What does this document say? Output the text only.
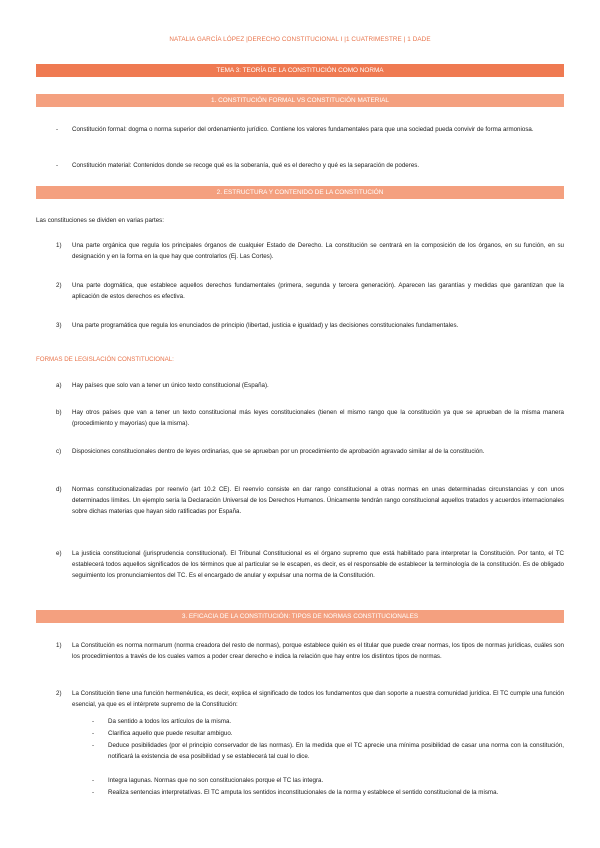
NATALIA GARCÍA LÓPEZ |DERECHO CONSTITUCIONAL I |1 CUATRIMESTRE | 1 DADE
TEMA 3: TEORÍA DE LA CONSTITUCIÓN COMO NORMA
1. CONSTITUCIÓN FORMAL VS CONSTITUCIÓN MATERIAL
- Constitución formal: dogma o norma superior del ordenamiento jurídico. Contiene los valores fundamentales para que una sociedad pueda convivir de forma armoniosa.
- Constitución material: Contenidos donde se recoge qué es la soberanía, qué es el derecho y qué es la separación de poderes.
2. ESTRUCTURA Y CONTENIDO DE LA CONSTITUCIÓN
Las constituciones se dividen en varias partes:
1) Una parte orgánica que regula los principales órganos de cualquier Estado de Derecho. La constitución se centrará en la composición de los órganos, en su función, en su designación y en la forma en la que hay que controlarlos (Ej. Las Cortes).
2) Una parte dogmática, que establece aquellos derechos fundamentales (primera, segunda y tercera generación). Aparecen las garantías y medidas que garantizan que la aplicación de estos derechos es efectiva.
3) Una parte programática que regula los enunciados de principio (libertad, justicia e igualdad) y las decisiones constitucionales fundamentales.
FORMAS DE LEGISLACIÓN CONSTITUCIONAL:
a) Hay países que solo van a tener un único texto constitucional (España).
b) Hay otros países que van a tener un texto constitucional más leyes constitucionales (tienen el mismo rango que la constitución ya que se aprueban de la misma manera (procedimiento y mayorías) que la misma).
c) Disposiciones constitucionales dentro de leyes ordinarias, que se aprueban por un procedimiento de aprobación agravado similar al de la constitución.
d) Normas constitucionalizadas por reenvío (art 10.2 CE). El reenvío consiste en dar rango constitucional a otras normas en unas determinadas circunstancias y con unos determinados límites. Un ejemplo sería la Declaración Universal de los Derechos Humanos. Únicamente tendrán rango constitucional aquellos tratados y acuerdos internacionales sobre dichas materias que hayan sido ratificadas por España.
e) La justicia constitucional (jurisprudencia constitucional). El Tribunal Constitucional es el órgano supremo que está habilitado para interpretar la Constitución. Por tanto, el TC establecerá todos aquellos significados de los términos que al particular se le escapen, es decir, es el responsable de establecer la terminología de la constitución. Es de obligado seguimiento los pronunciamientos del TC. Es el encargado de anular y expulsar una norma de la Constitución.
3. EFICACIA DE LA CONSTITUCIÓN: TIPOS DE NORMAS CONSTITUCIONALES
1) La Constitución es norma normarum (norma creadora del resto de normas), porque establece quién es el titular que puede crear normas, los tipos de normas jurídicas, cuáles son los procedimientos a través de los cuales vamos a poder crear derecho e indica la relación que hay entre los distintos tipos de normas.
2) La Constitución tiene una función hermenéutica, es decir, explica el significado de todos los fundamentos que dan soporte a nuestra comunidad jurídica. El TC cumple una función esencial, ya que es el intérprete supremo de la Constitución:
- Da sentido a todos los artículos de la misma.
- Clarifica aquello que puede resultar ambiguo.
- Deduce posibilidades (por el principio conservador de las normas). En la medida que el TC aprecie una mínima posibilidad de casar una norma con la constitución, notificará la existencia de esa posibilidad y se establecerá tal cual lo dice.
- Integra lagunas. Normas que no son constitucionales porque el TC las integra.
- Realiza sentencias interpretativas. El TC amputa los sentidos inconstitucionales de la norma y establece el sentido constitucional de la misma.
